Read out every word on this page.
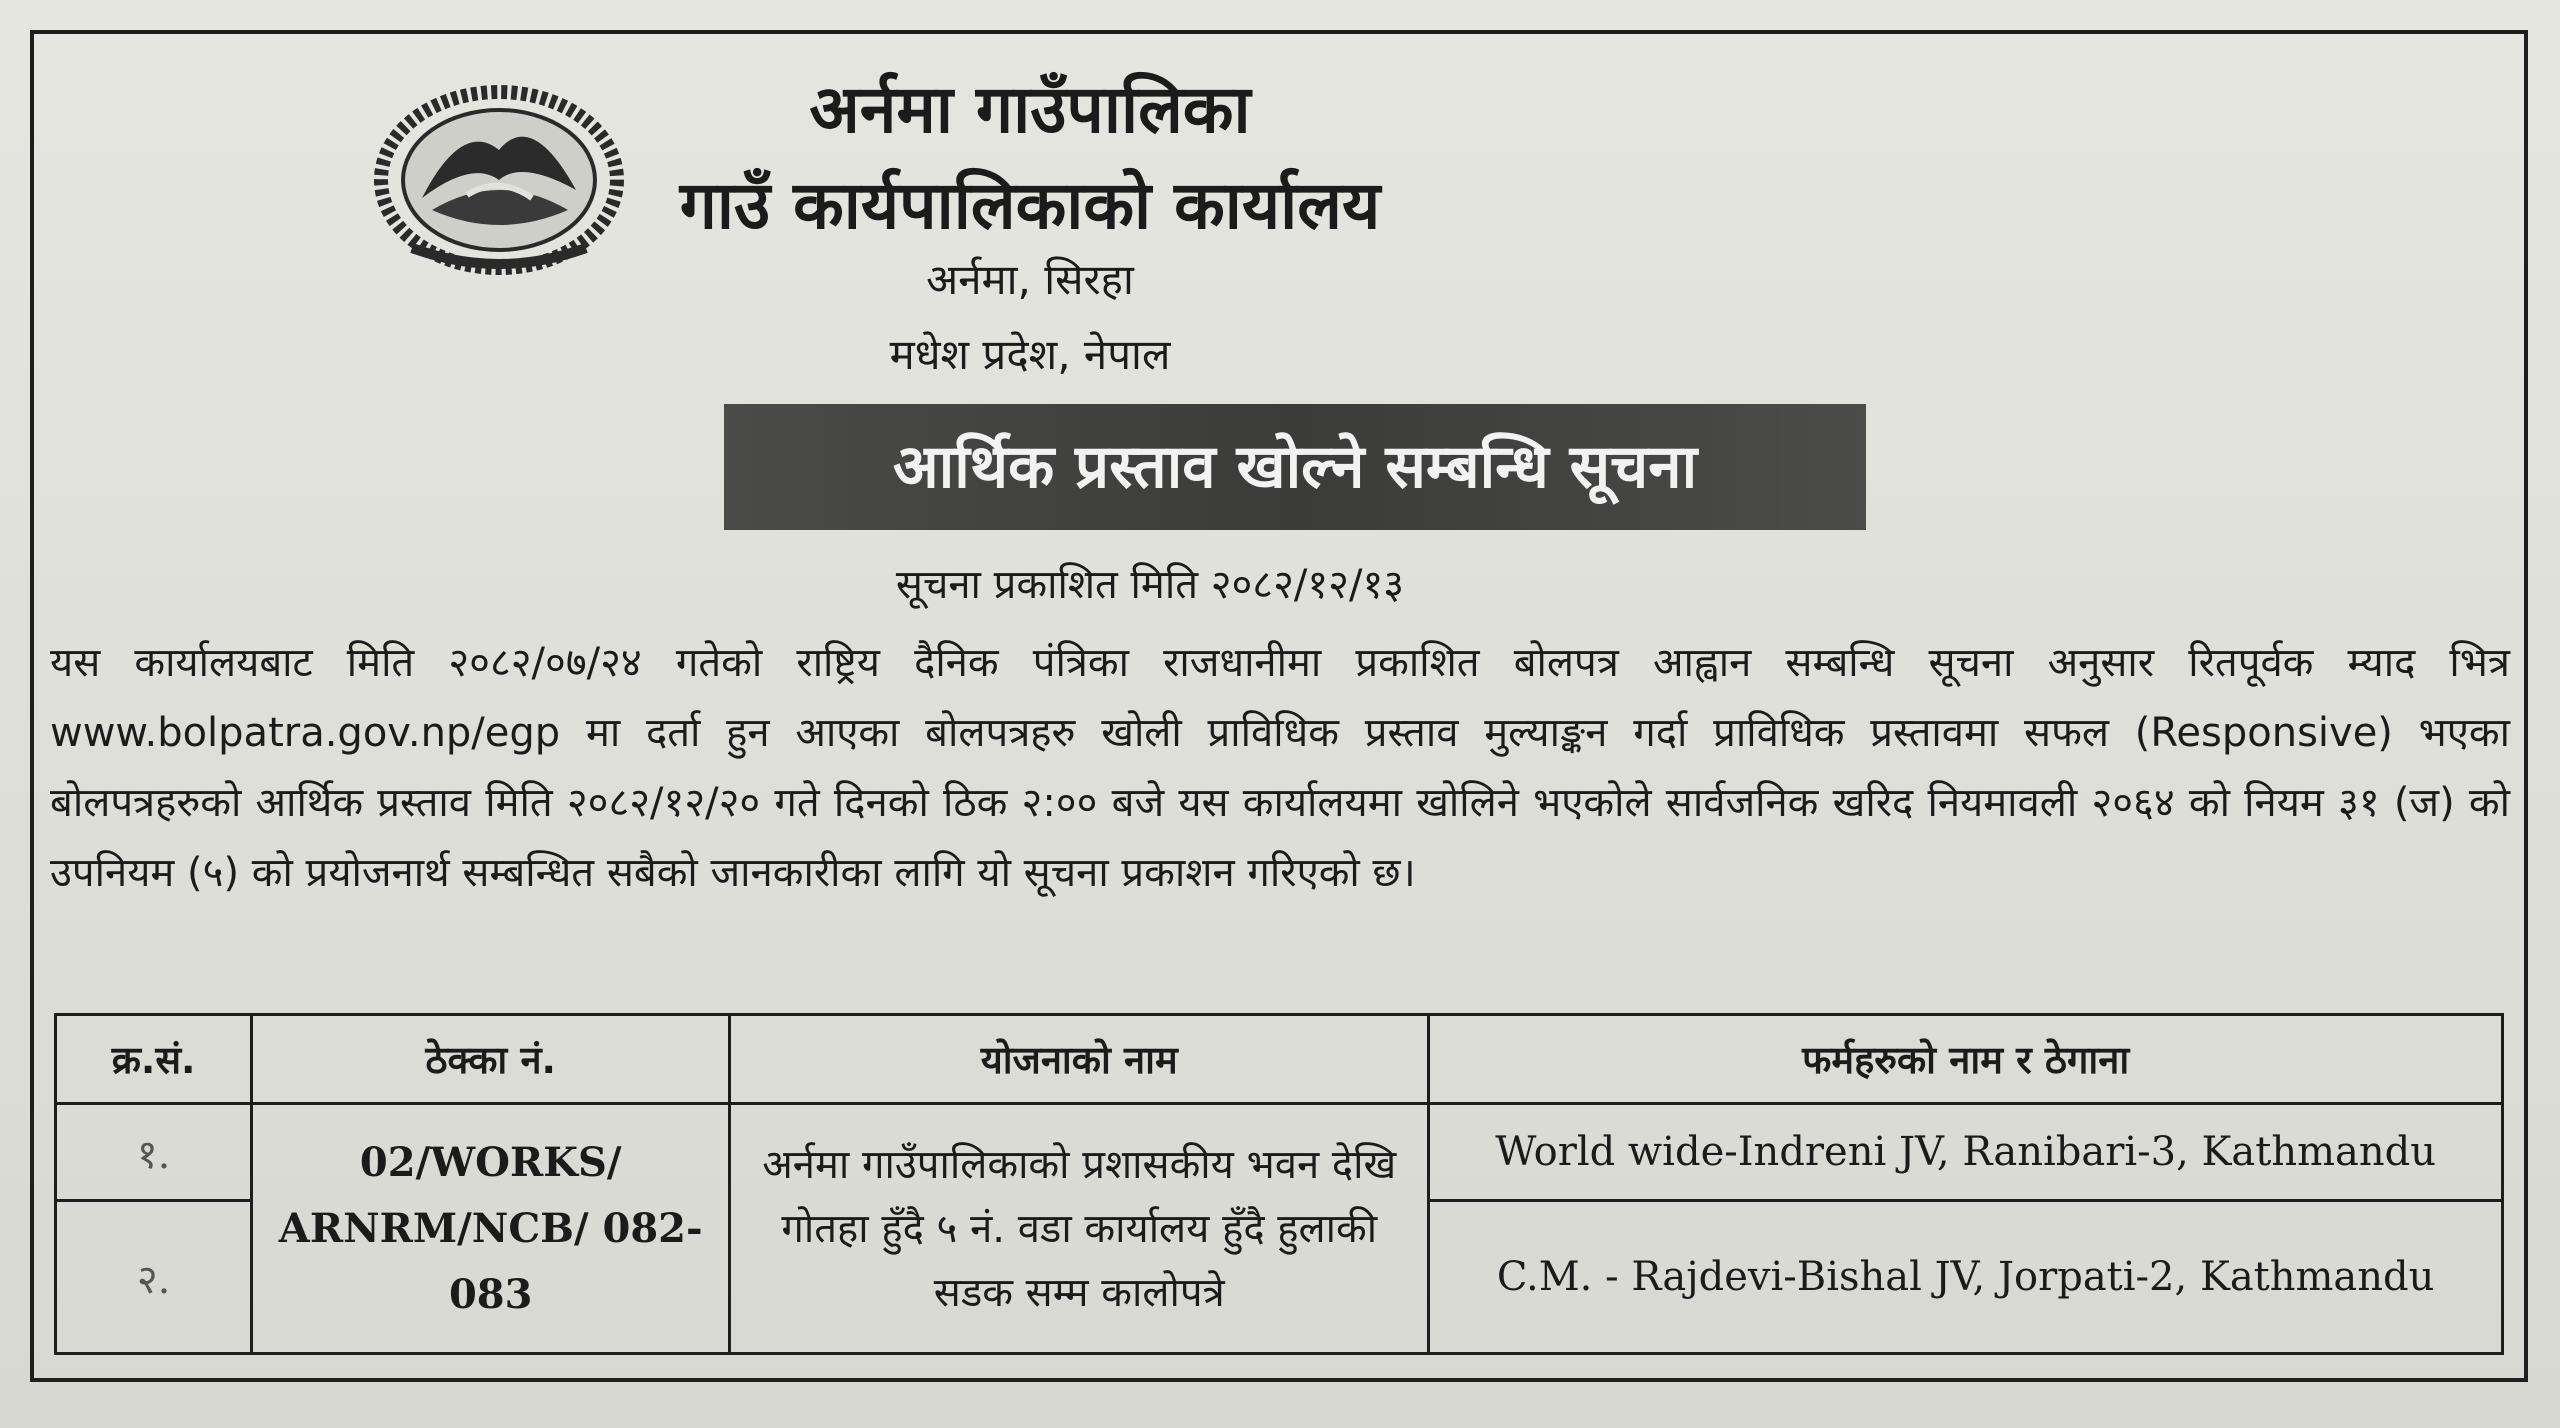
अर्नमा गाउँपालिका
गाउँ कार्यपालिकाको कार्यालय
अर्नमा, सिरहा
मधेश प्रदेश, नेपाल
आर्थिक प्रस्ताव खोल्ने सम्बन्धि सूचना
सूचना प्रकाशित मिति २०८२/१२/१३
यस कार्यालयबाट मिति २०८२/०७/२४ गतेको राष्ट्रिय दैनिक पंत्रिका राजधानीमा प्रकाशित बोलपत्र आह्वान सम्बन्धि सूचना अनुसार रितपूर्वक म्याद भित्र www.bolpatra.gov.np/egp मा दर्ता हुन आएका बोलपत्रहरु खोली प्राविधिक प्रस्ताव मुल्याङ्कन गर्दा प्राविधिक प्रस्तावमा सफल (Responsive) भएका बोलपत्रहरुको आर्थिक प्रस्ताव मिति २०८२/१२/२० गते दिनको ठिक २:०० बजे यस कार्यालयमा खोलिने भएकोले सार्वजनिक खरिद नियमावली २०६४ को नियम ३१ (ज) को उपनियम (५) को प्रयोजनार्थ सम्बन्धित सबैको जानकारीका लागि यो सूचना प्रकाशन गरिएको छ।
क्र.सं.	ठेक्का नं.	योजनाको नाम	फर्महरुको नाम र ठेगाना
१.	02/WORKS/ ARNRM/NCB/ 082-083	अर्नमा गाउँपालिकाको प्रशासकीय भवन देखि गोतहा हुँदै ५ नं. वडा कार्यालय हुँदै हुलाकी सडक सम्म कालोपत्रे	World wide-Indreni JV, Ranibari-3, Kathmandu
२.			C.M. - Rajdevi-Bishal JV, Jorpati-2, Kathmandu
